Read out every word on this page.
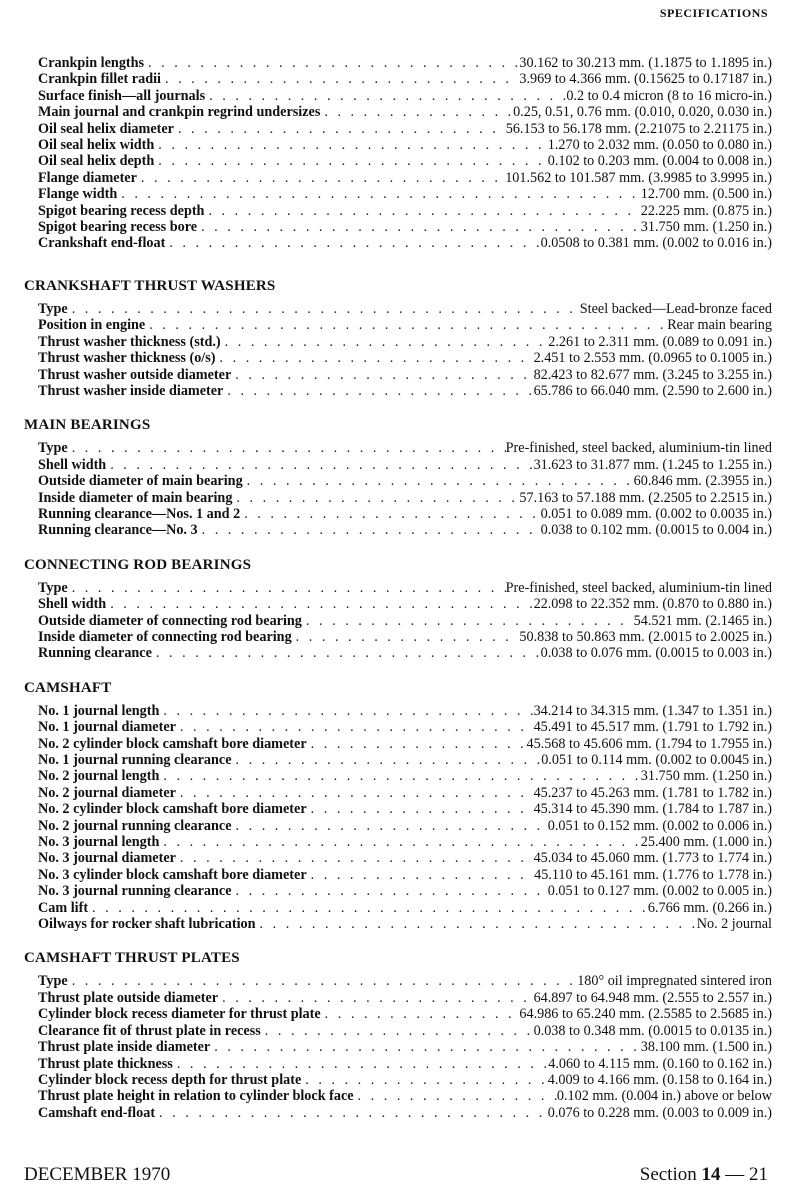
SPECIFICATIONS
Crankpin lengths . . .	30.162 to 30.213 mm. (1.1875 to 1.1895 in.)
Crankpin fillet radii . . .	3.969 to 4.366 mm. (0.15625 to 0.17187 in.)
Surface finish—all journals . . .	0.2 to 0.4 micron (8 to 16 micro-in.)
Main journal and crankpin regrind undersizes . . .	0.25, 0.51, 0.76 mm. (0.010, 0.020, 0.030 in.)
Oil seal helix diameter . . .	56.153 to 56.178 mm. (2.21075 to 2.21175 in.)
Oil seal helix width . . .	1.270 to 2.032 mm. (0.050 to 0.080 in.)
Oil seal helix depth . . .	0.102 to 0.203 mm. (0.004 to 0.008 in.)
Flange diameter . . .	101.562 to 101.587 mm. (3.9985 to 3.9995 in.)
Flange width . . .	12.700 mm. (0.500 in.)
Spigot bearing recess depth . . .	22.225 mm. (0.875 in.)
Spigot bearing recess bore . . .	31.750 mm. (1.250 in.)
Crankshaft end-float . . .	0.0508 to 0.381 mm. (0.002 to 0.016 in.)
CRANKSHAFT THRUST WASHERS
Type . . .	Steel backed—Lead-bronze faced
Position in engine . . .	Rear main bearing
Thrust washer thickness (std.) . . .	2.261 to 2.311 mm. (0.089 to 0.091 in.)
Thrust washer thickness (o/s) . . .	2.451 to 2.553 mm. (0.0965 to 0.1005 in.)
Thrust washer outside diameter . . .	82.423 to 82.677 mm. (3.245 to 3.255 in.)
Thrust washer inside diameter . . .	65.786 to 66.040 mm. (2.590 to 2.600 in.)
MAIN BEARINGS
Type . . .	Pre-finished, steel backed, aluminium-tin lined
Shell width . . .	31.623 to 31.877 mm. (1.245 to 1.255 in.)
Outside diameter of main bearing . . .	60.846 mm. (2.3955 in.)
Inside diameter of main bearing . . .	57.163 to 57.188 mm. (2.2505 to 2.2515 in.)
Running clearance—Nos. 1 and 2 . . .	0.051 to 0.089 mm. (0.002 to 0.0035 in.)
Running clearance—No. 3 . . .	0.038 to 0.102 mm. (0.0015 to 0.004 in.)
CONNECTING ROD BEARINGS
Type . . .	Pre-finished, steel backed, aluminium-tin lined
Shell width . . .	22.098 to 22.352 mm. (0.870 to 0.880 in.)
Outside diameter of connecting rod bearing . . .	54.521 mm. (2.1465 in.)
Inside diameter of connecting rod bearing . . .	50.838 to 50.863 mm. (2.0015 to 2.0025 in.)
Running clearance . . .	0.038 to 0.076 mm. (0.0015 to 0.003 in.)
CAMSHAFT
No. 1 journal length . . .	34.214 to 34.315 mm. (1.347 to 1.351 in.)
No. 1 journal diameter . . .	45.491 to 45.517 mm. (1.791 to 1.792 in.)
No. 2 cylinder block camshaft bore diameter . . .	45.568 to 45.606 mm. (1.794 to 1.7955 in.)
No. 1 journal running clearance . . .	0.051 to 0.114 mm. (0.002 to 0.0045 in.)
No. 2 journal length . . .	31.750 mm. (1.250 in.)
No. 2 journal diameter . . .	45.237 to 45.263 mm. (1.781 to 1.782 in.)
No. 2 cylinder block camshaft bore diameter . . .	45.314 to 45.390 mm. (1.784 to 1.787 in.)
No. 2 journal running clearance . . .	0.051 to 0.152 mm. (0.002 to 0.006 in.)
No. 3 journal length . . .	25.400 mm. (1.000 in.)
No. 3 journal diameter . . .	45.034 to 45.060 mm. (1.773 to 1.774 in.)
No. 3 cylinder block camshaft bore diameter . . .	45.110 to 45.161 mm. (1.776 to 1.778 in.)
No. 3 journal running clearance . . .	0.051 to 0.127 mm. (0.002 to 0.005 in.)
Cam lift . . .	6.766 mm. (0.266 in.)
Oilways for rocker shaft lubrication . . .	No. 2 journal
CAMSHAFT THRUST PLATES
Type . . .	180° oil impregnated sintered iron
Thrust plate outside diameter . . .	64.897 to 64.948 mm. (2.555 to 2.557 in.)
Cylinder block recess diameter for thrust plate . . .	64.986 to 65.240 mm. (2.5585 to 2.5685 in.)
Clearance fit of thrust plate in recess . . .	0.038 to 0.348 mm. (0.0015 to 0.0135 in.)
Thrust plate inside diameter . . .	38.100 mm. (1.500 in.)
Thrust plate thickness . . .	4.060 to 4.115 mm. (0.160 to 0.162 in.)
Cylinder block recess depth for thrust plate . . .	4.009 to 4.166 mm. (0.158 to 0.164 in.)
Thrust plate height in relation to cylinder block face . . .	0.102 mm. (0.004 in.) above or below
Camshaft end-float . . .	0.076 to 0.228 mm. (0.003 to 0.009 in.)
DECEMBER 1970	Section 14 — 21
